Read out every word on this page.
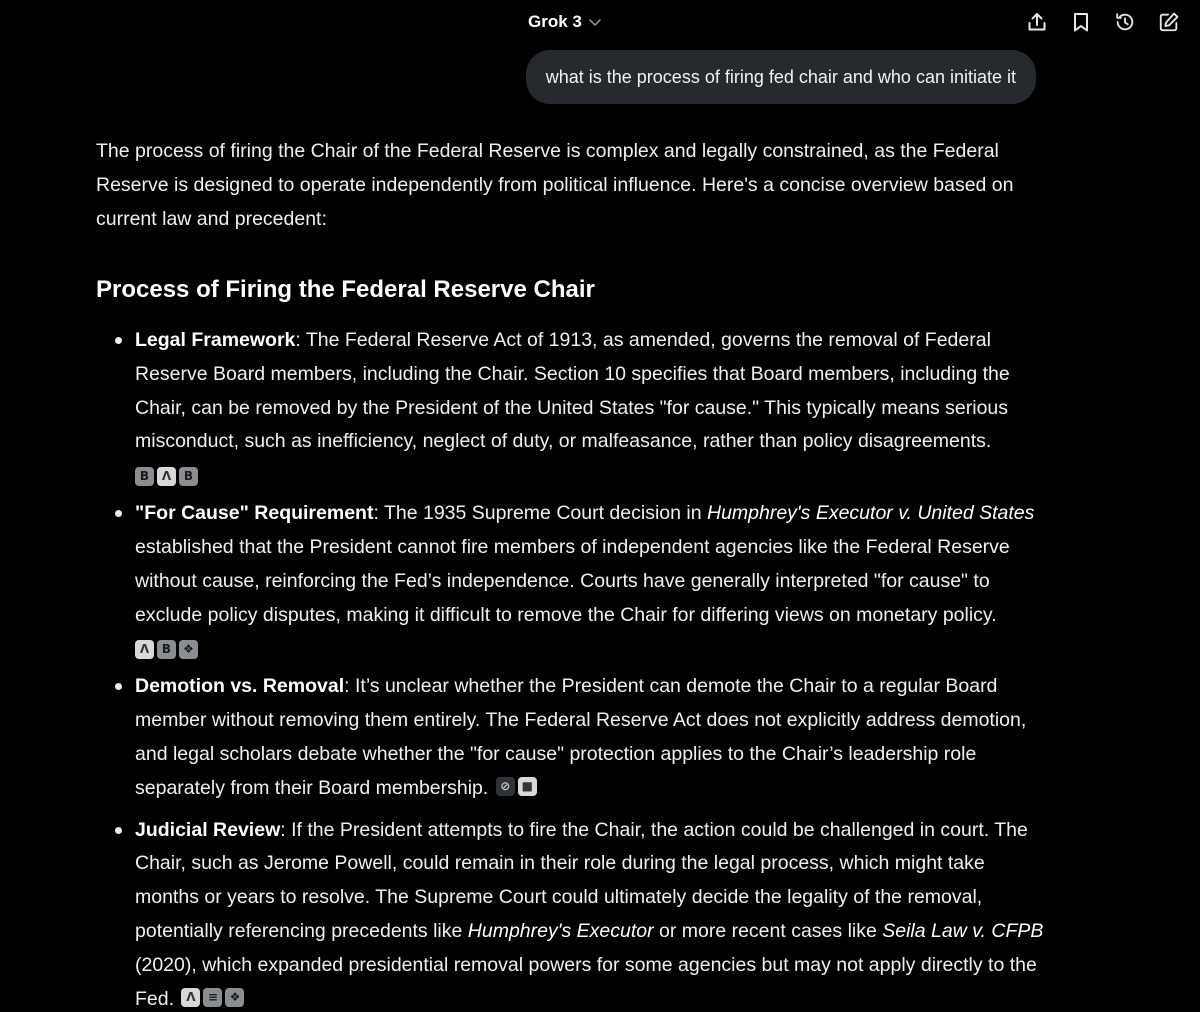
Grok 3
what is the process of firing fed chair and who can initiate it

The process of firing the Chair of the Federal Reserve is complex and legally constrained, as the Federal Reserve is designed to operate independently from political influence. Here's a concise overview based on current law and precedent:

Process of Firing the Federal Reserve Chair
Legal Framework: The Federal Reserve Act of 1913, as amended, governs the removal of Federal Reserve Board members, including the Chair. Section 10 specifies that Board members, including the Chair, can be removed by the President of the United States "for cause." This typically means serious misconduct, such as inefficiency, neglect of duty, or malfeasance, rather than policy disagreements.
B	Ʌ	B
"For Cause" Requirement: The 1935 Supreme Court decision in Humphrey's Executor v. United States established that the President cannot fire members of independent agencies like the Federal Reserve without cause, reinforcing the Fed’s independence. Courts have generally interpreted "for cause" to exclude policy disputes, making it difficult to remove the Chair for differing views on monetary policy.
Ʌ	B	❖
Demotion vs. Removal: It’s unclear whether the President can demote the Chair to a regular Board member without removing them entirely. The Federal Reserve Act does not explicitly address demotion, and legal scholars debate whether the "for cause" protection applies to the Chair’s leadership role separately from their Board membership. ⊘ ■
Judicial Review: If the President attempts to fire the Chair, the action could be challenged in court. The Chair, such as Jerome Powell, could remain in their role during the legal process, which might take months or years to resolve. The Supreme Court could ultimately decide the legality of the removal, potentially referencing precedents like Humphrey's Executor or more recent cases like Seila Law v. CFPB (2020), which expanded presidential removal powers for some agencies but may not apply directly to the Fed.	Ʌ	≡ ❖
